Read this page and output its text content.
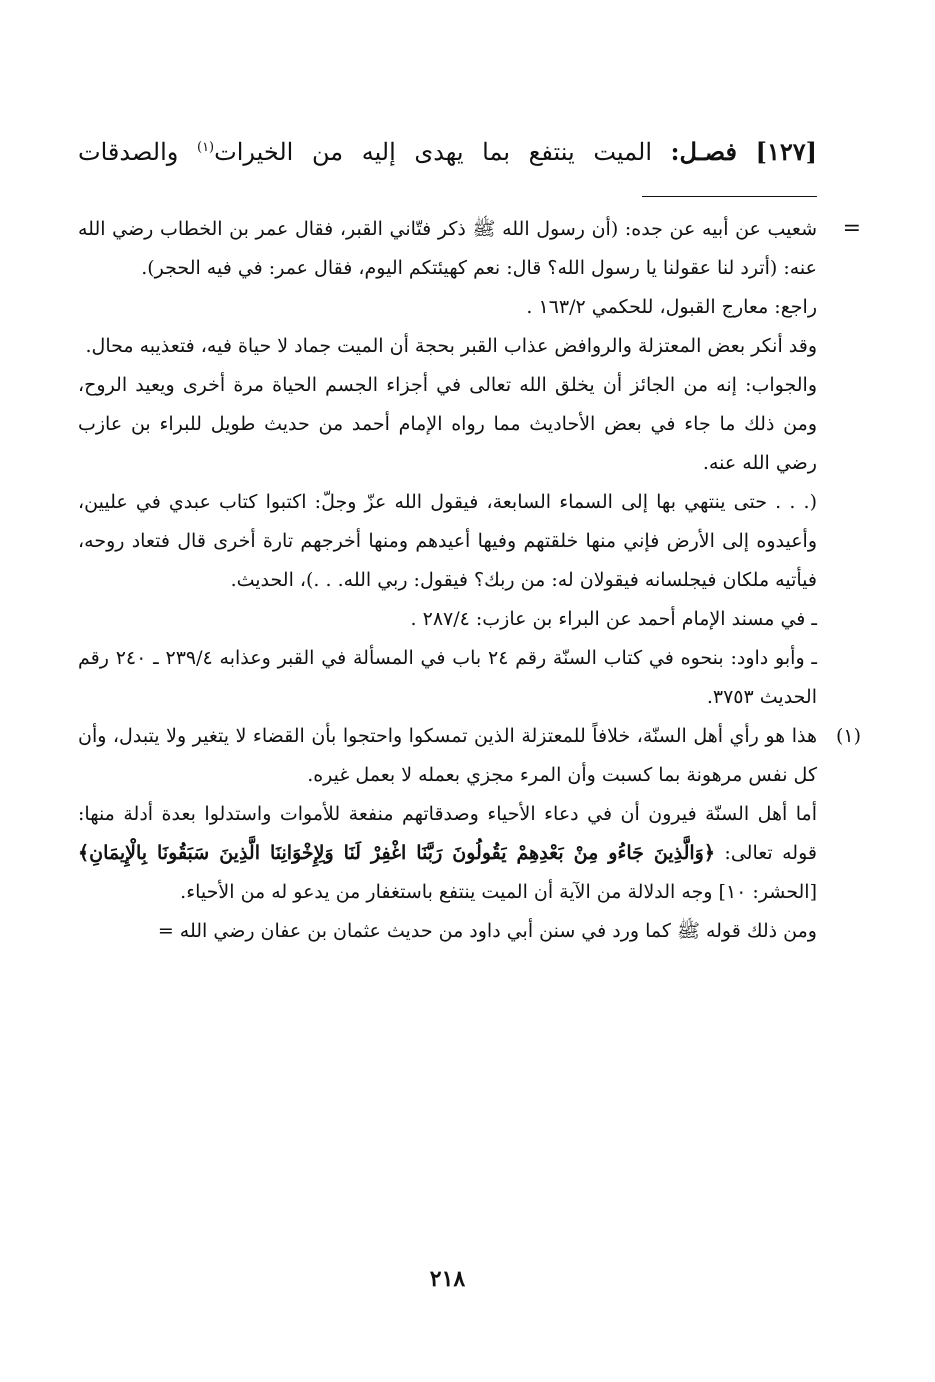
[١٢٧] فصـل: الميت ينتفع بما يهدى إليه من الخيرات$^{(١)}$ والصدقات
=

شعيب عن أبيه عن جده: (أن رسول الله ﷺ ذكر فتّاني القبر، فقال عمر بن الخطاب رضي الله عنه: (أترد لنا عقولنا يا رسول الله؟ قال: نعم كهيئتكم اليوم، فقال عمر: في فيه الحجر).

راجع: معارج القبول، للحكمي ١٦٣/٢ .

وقد أنكر بعض المعتزلة والروافض عذاب القبر بحجة أن الميت جماد لا حياة فيه، فتعذيبه محال.

والجواب: إنه من الجائز أن يخلق الله تعالى في أجزاء الجسم الحياة مرة أخرى ويعيد الروح، ومن ذلك ما جاء في بعض الأحاديث مما رواه الإمام أحمد من حديث طويل للبراء بن عازب رضي الله عنه.

(. . . حتى ينتهي بها إلى السماء السابعة، فيقول الله عزّ وجلّ: اكتبوا كتاب عبدي في عليين، وأعيدوه إلى الأرض فإني منها خلقتهم وفيها أعيدهم ومنها أخرجهم تارة أخرى قال فتعاد روحه، فيأتيه ملكان فيجلسانه فيقولان له: من ربك؟ فيقول: ربي الله. . .)، الحديث.

ـ في مسند الإمام أحمد عن البراء بن عازب: ٢٨٧/٤ .

ـ وأبو داود: بنحوه في كتاب السنّة رقم ٢٤ باب في المسألة في القبر وعذابه ٢٣٩/٤ ـ ٢٤٠ رقم الحديث ٣٧٥٣.

(١)

هذا هو رأي أهل السنّة، خلافاً للمعتزلة الذين تمسكوا واحتجوا بأن القضاء لا يتغير ولا يتبدل، وأن كل نفس مرهونة بما كسبت وأن المرء مجزي بعمله لا بعمل غيره.

أما أهل السنّة فيرون أن في دعاء الأحياء وصدقاتهم منفعة للأموات واستدلوا بعدة أدلة منها: قوله تعالى: ﴿وَالَّذِينَ جَاءُو مِنْ بَعْدِهِمْ يَقُولُونَ رَبَّنَا اغْفِرْ لَنَا وَلِإِخْوَانِنَا الَّذِينَ سَبَقُونَا بِالْإِيمَانِ﴾ [الحشر: ١٠] وجه الدلالة من الآية أن الميت ينتفع باستغفار من يدعو له من الأحياء.

ومن ذلك قوله ﷺ كما ورد في سنن أبي داود من حديث عثمان بن عفان رضي الله =

٢١٨
